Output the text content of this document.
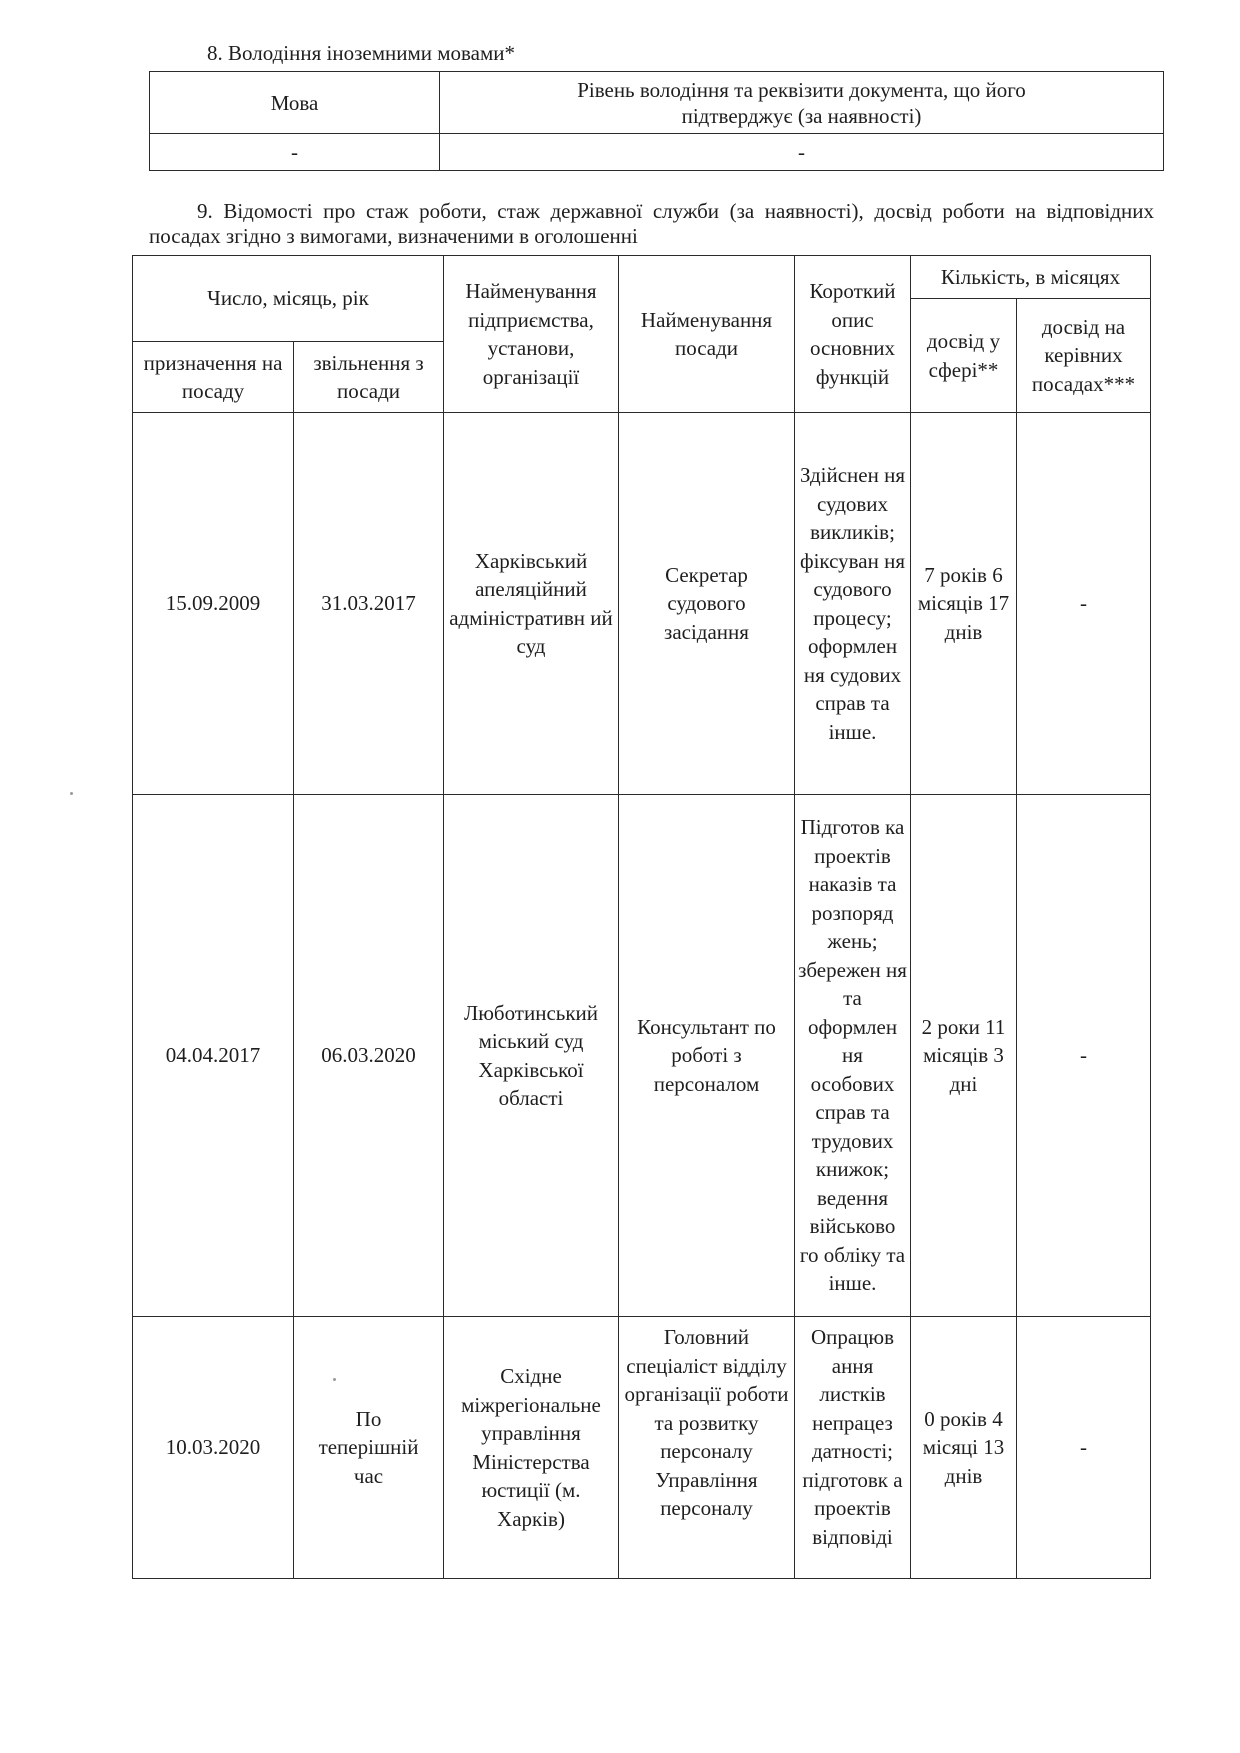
8. Володіння іноземними мовами*
Мова	Рівень володіння та реквізити документа, що його підтверджує (за наявності)
-	-
9. Відомості про стаж роботи, стаж державної служби (за наявності), досвід роботи на відповідних посадах згідно з вимогами, визначеними в оголошенні
Число, місяць, рік		Найменування підприємства, установи, організації	Найменування посади	Короткий опис основних функцій	Кількість, в місяцях	
					досвід у сфері**	досвід на керівних посадах***
призначення на посаду	звільнення з посади					
15.09.2009	31.03.2017	Харківський апеляційний адміністративн ий суд	Секретар судового засідання	Здійснен ня судових викликів; фіксуван ня судового процесу; оформлен ня судових справ та інше.	7 років 6 місяців 17 днів	-
04.04.2017	06.03.2020	Люботинський міський суд Харківської області	Консультант по роботі з персоналом	Підготов ка проектів наказів та розпоряд жень; збережен ня та оформлен ня особових справ та трудових книжок; ведення військово го обліку та інше.	2 роки 11 місяців 3 дні	-
10.03.2020	По теперішній час	Східне міжрегіональне управління Міністерства юстиції (м. Харків)	Головний спеціаліст відділу організації роботи та розвитку персоналу Управління персоналу	Опрацюв ання листків непрацез датності; підготовк а проектів відповіді	0 років 4 місяці 13 днів	-
